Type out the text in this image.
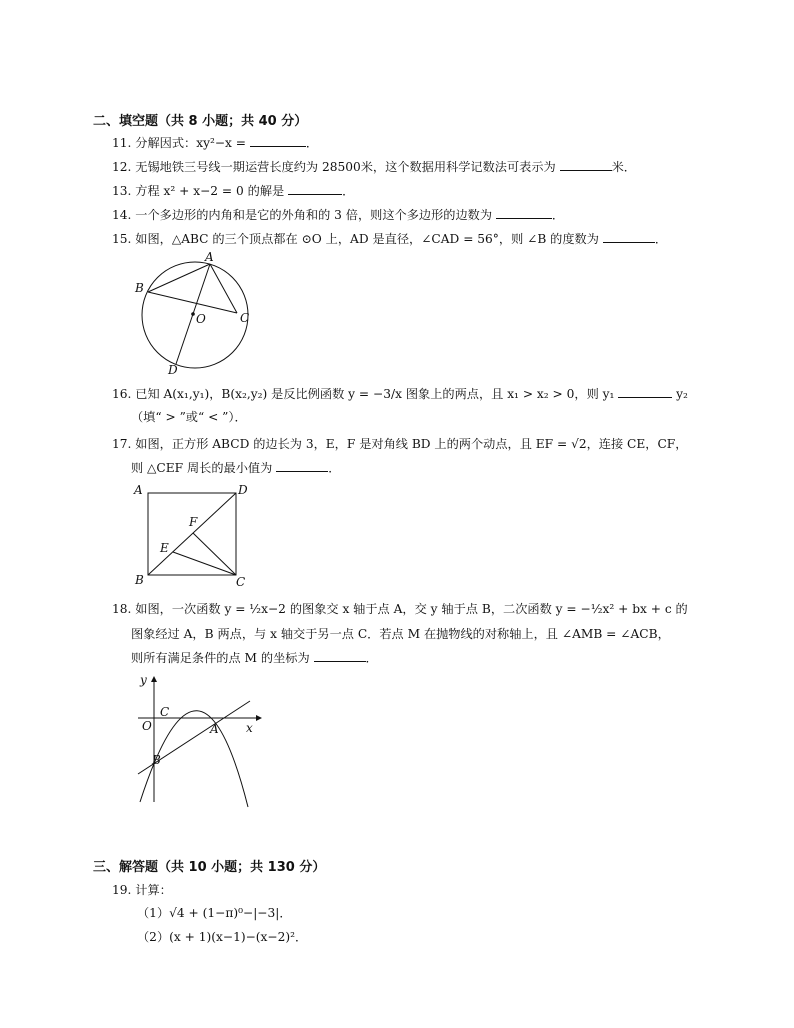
二、填空题（共 8 小题；共 40 分）
11. 分解因式：xy²−x =	．
12. 无锡地铁三号线一期运营长度约为 28500米，这个数据用科学记数法可表示为	米．
13. 方程 x² + x−2 = 0 的解是	．
14. 一个多边形的内角和是它的外角和的 3 倍，则这个多边形的边数为	．
15. 如图，△ABC 的三个顶点都在 ⊙O 上，AD 是直径，∠CAD = 56°，则 ∠B 的度数为	．
A
B
C
D
O
16. 已知 A(x₁,y₁)，B(x₂,y₂) 是反比例函数 y = −3/x 图象上的两点，且 x₁ > x₂ > 0，则 y₁	y₂
（填“ > ”或“ < ”）．
17. 如图，正方形 ABCD 的边长为 3，E，F 是对角线 BD 上的两个动点，且 EF = √2，连接 CE，CF，
则 △CEF 周长的最小值为	．
A	D
B	C
E
F
18. 如图，一次函数 y = ½x−2 的图象交 x 轴于点 A，交 y 轴于点 B，二次函数 y = −½x² + bx + c 的
图象经过 A，B 两点，与 x 轴交于另一点 C．若点 M 在抛物线的对称轴上，且 ∠AMB = ∠ACB，
则所有满足条件的点 M 的坐标为	．
y
x
O
C
A
B
三、解答题（共 10 小题；共 130 分）
19. 计算：
（1）√4 + (1−π)⁰−|−3|．
（2）(x + 1)(x−1)−(x−2)²．
